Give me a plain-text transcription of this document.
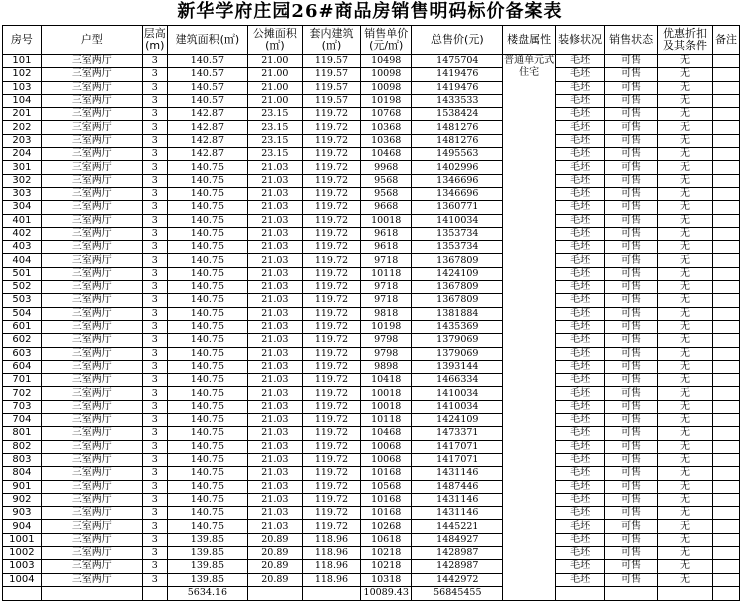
新华学府庄园26#商品房销售明码标价备案表
房号	户型	层高(m)	建筑面积(㎡)	公摊面积(㎡)	套内建筑(㎡)	销售单价(元/㎡)	总售价(元)	楼盘属性	装修状况	销售状态	优惠折扣及其条件	备注
101	三室两厅	3	140.57	21.00	119.57	10498	1475704	普通单元式住宅	毛坯	可售	无	
102	三室两厅	3	140.57	21.00	119.57	10098	1419476		毛坯	可售	无	
103	三室两厅	3	140.57	21.00	119.57	10098	1419476		毛坯	可售	无	
104	三室两厅	3	140.57	21.00	119.57	10198	1433533		毛坯	可售	无	
201	三室两厅	3	142.87	23.15	119.72	10768	1538424		毛坯	可售	无	
202	三室两厅	3	142.87	23.15	119.72	10368	1481276		毛坯	可售	无	
203	三室两厅	3	142.87	23.15	119.72	10368	1481276		毛坯	可售	无	
204	三室两厅	3	142.87	23.15	119.72	10468	1495563		毛坯	可售	无	
301	三室两厅	3	140.75	21.03	119.72	9968	1402996		毛坯	可售	无	
302	三室两厅	3	140.75	21.03	119.72	9568	1346696		毛坯	可售	无	
303	三室两厅	3	140.75	21.03	119.72	9568	1346696		毛坯	可售	无	
304	三室两厅	3	140.75	21.03	119.72	9668	1360771		毛坯	可售	无	
401	三室两厅	3	140.75	21.03	119.72	10018	1410034		毛坯	可售	无	
402	三室两厅	3	140.75	21.03	119.72	9618	1353734		毛坯	可售	无	
403	三室两厅	3	140.75	21.03	119.72	9618	1353734		毛坯	可售	无	
404	三室两厅	3	140.75	21.03	119.72	9718	1367809		毛坯	可售	无	
501	三室两厅	3	140.75	21.03	119.72	10118	1424109		毛坯	可售	无	
502	三室两厅	3	140.75	21.03	119.72	9718	1367809		毛坯	可售	无	
503	三室两厅	3	140.75	21.03	119.72	9718	1367809		毛坯	可售	无	
504	三室两厅	3	140.75	21.03	119.72	9818	1381884		毛坯	可售	无	
601	三室两厅	3	140.75	21.03	119.72	10198	1435369		毛坯	可售	无	
602	三室两厅	3	140.75	21.03	119.72	9798	1379069		毛坯	可售	无	
603	三室两厅	3	140.75	21.03	119.72	9798	1379069		毛坯	可售	无	
604	三室两厅	3	140.75	21.03	119.72	9898	1393144		毛坯	可售	无	
701	三室两厅	3	140.75	21.03	119.72	10418	1466334		毛坯	可售	无	
702	三室两厅	3	140.75	21.03	119.72	10018	1410034		毛坯	可售	无	
703	三室两厅	3	140.75	21.03	119.72	10018	1410034		毛坯	可售	无	
704	三室两厅	3	140.75	21.03	119.72	10118	1424109		毛坯	可售	无	
801	三室两厅	3	140.75	21.03	119.72	10468	1473371		毛坯	可售	无	
802	三室两厅	3	140.75	21.03	119.72	10068	1417071		毛坯	可售	无	
803	三室两厅	3	140.75	21.03	119.72	10068	1417071		毛坯	可售	无	
804	三室两厅	3	140.75	21.03	119.72	10168	1431146		毛坯	可售	无	
901	三室两厅	3	140.75	21.03	119.72	10568	1487446		毛坯	可售	无	
902	三室两厅	3	140.75	21.03	119.72	10168	1431146		毛坯	可售	无	
903	三室两厅	3	140.75	21.03	119.72	10168	1431146		毛坯	可售	无	
904	三室两厅	3	140.75	21.03	119.72	10268	1445221		毛坯	可售	无	
1001	三室两厅	3	139.85	20.89	118.96	10618	1484927		毛坯	可售	无	
1002	三室两厅	3	139.85	20.89	118.96	10218	1428987		毛坯	可售	无	
1003	三室两厅	3	139.85	20.89	118.96	10218	1428987		毛坯	可售	无	
1004	三室两厅	3	139.85	20.89	118.96	10318	1442972		毛坯	可售	无	
			5634.16			10089.43	56845455					
